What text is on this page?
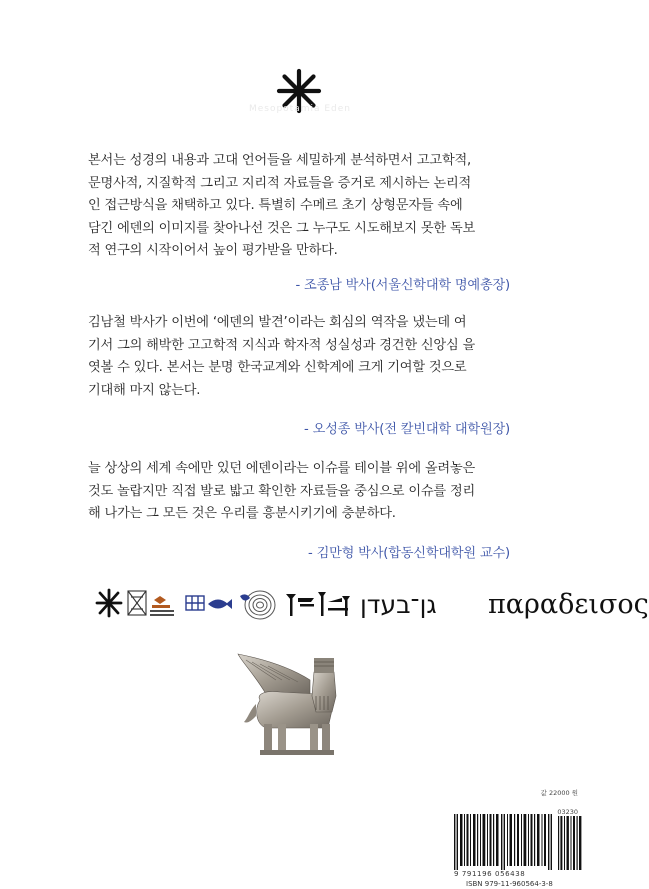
Mesopotamia Eden
본서는 성경의 내용과 고대 언어들을 세밀하게 분석하면서 고고학적,
문명사적, 지질학적 그리고 지리적 자료들을 증거로 제시하는 논리적
인 접근방식을 채택하고 있다. 특별히 수메르 초기 상형문자들 속에
담긴 에덴의 이미지를 찾아나선 것은 그 누구도 시도해보지 못한 독보
적 연구의 시작이어서 높이 평가받을 만하다.
- 조종남 박사(서울신학대학 명예총장)
김남철 박사가 이번에 ‘에덴의 발견’이라는 회심의 역작을 냈는데 여
기서 그의 해박한 고고학적 지식과 학자적 성실성과 경건한 신앙심 을
엿볼 수 있다. 본서는 분명 한국교계와 신학계에 크게 기여할 것으로
기대해 마지 않는다.
- 오성종 박사(전 칼빈대학 대학원장)
늘 상상의 세계 속에만 있던 에덴이라는 이슈를 테이블 위에 올려놓은
것도 놀랍지만 직접 발로 밟고 확인한 자료들을 중심으로 이슈를 정리
해 나가는 그 모든 것은 우리를 흥분시키기에 충분하다.
- 김만형 박사(합동신학대학원 교수)
גן־בעדן παραδεισος
값 22000 원
03230
9 791196 056438
ISBN 979-11-960564-3-8
